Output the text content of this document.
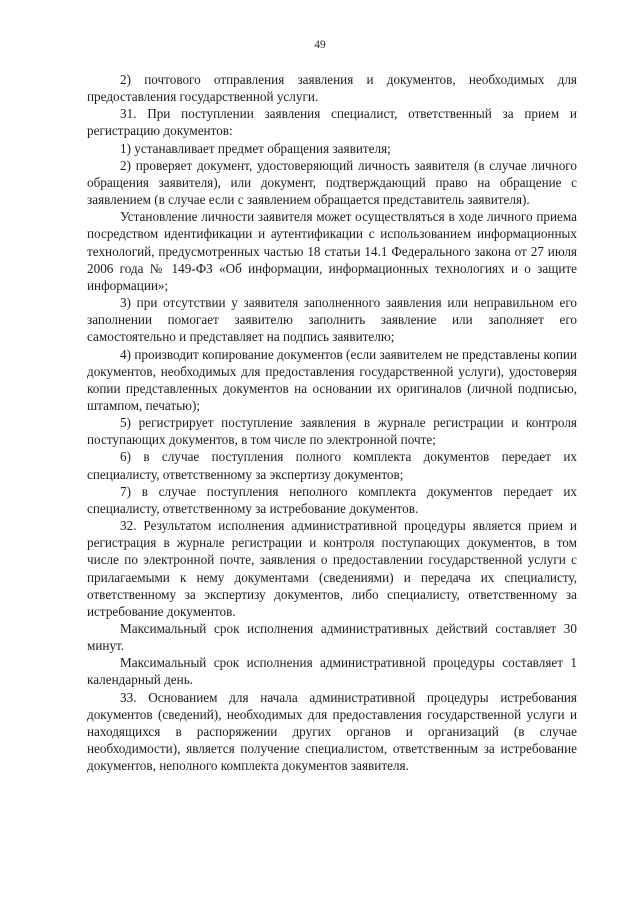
49

2) почтового отправления заявления и документов, необходимых для предоставления государственной услуги.

31. При поступлении заявления специалист, ответственный за прием и регистрацию документов:

1) устанавливает предмет обращения заявителя;

2) проверяет документ, удостоверяющий личность заявителя (в случае личного обращения заявителя), или документ, подтверждающий право на обращение с заявлением (в случае если с заявлением обращается представитель заявителя).

Установление личности заявителя может осуществляться в ходе личного приема посредством идентификации и аутентификации с использованием информационных технологий, предусмотренных частью 18 статьи 14.1 Федерального закона от 27 июля 2006 года № 149-ФЗ «Об информации, информационных технологиях и о защите информации»;

3) при отсутствии у заявителя заполненного заявления или неправильном его заполнении помогает заявителю заполнить заявление или заполняет его самостоятельно и представляет на подпись заявителю;

4) производит копирование документов (если заявителем не представлены копии документов, необходимых для предоставления государственной услуги), удостоверяя копии представленных документов на основании их оригиналов (личной подписью, штампом, печатью);

5) регистрирует поступление заявления в журнале регистрации и контроля поступающих документов, в том числе по электронной почте;

6) в случае поступления полного комплекта документов передает их специалисту, ответственному за экспертизу документов;

7) в случае поступления неполного комплекта документов передает их специалисту, ответственному за истребование документов.

32. Результатом исполнения административной процедуры является прием и регистрация в журнале регистрации и контроля поступающих документов, в том числе по электронной почте, заявления о предоставлении государственной услуги с прилагаемыми к нему документами (сведениями) и передача их специалисту, ответственному за экспертизу документов, либо специалисту, ответственному за истребование документов.

Максимальный срок исполнения административных действий составляет 30 минут.

Максимальный срок исполнения административной процедуры составляет 1 календарный день.

33. Основанием для начала административной процедуры истребования документов (сведений), необходимых для предоставления государственной услуги и находящихся в распоряжении других органов и организаций (в случае необходимости), является получение специалистом, ответственным за истребование документов, неполного комплекта документов заявителя.
